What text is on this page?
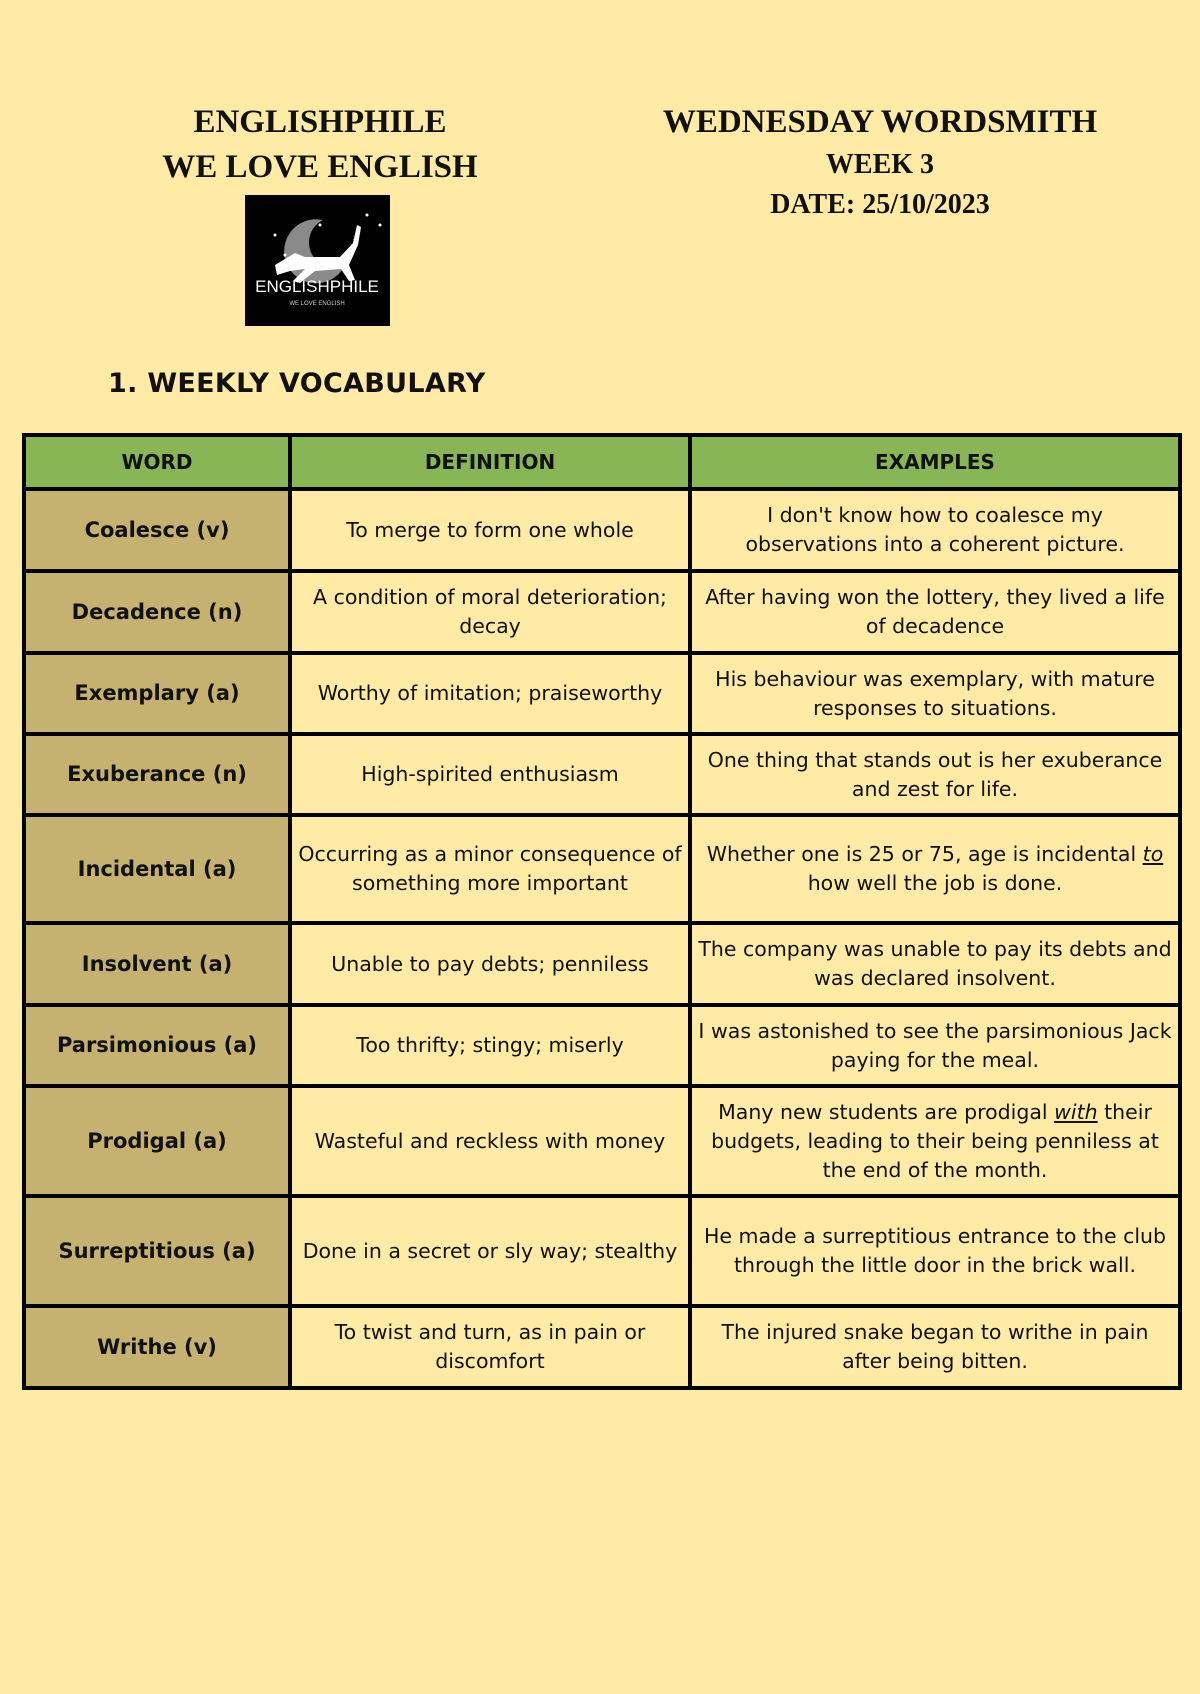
ENGLISHPHILE
WE LOVE ENGLISH
ENGLISHPHILE
WE LOVE ENGLISH
WEDNESDAY WORDSMITH
WEEK 3
DATE: 25/10/2023
1. WEEKLY VOCABULARY
WORD	DEFINITION	EXAMPLES
Coalesce (v)	To merge to form one whole	I don't know how to coalesce my observations into a coherent picture.
Decadence (n)	A condition of moral deterioration; decay	After having won the lottery, they lived a life of decadence
Exemplary (a)	Worthy of imitation; praiseworthy	His behaviour was exemplary, with mature responses to situations.
Exuberance (n)	High-spirited enthusiasm	One thing that stands out is her exuberance and zest for life.
Incidental (a)	Occurring as a minor consequence of something more important	Whether one is 25 or 75, age is incidental to how well the job is done.
Insolvent (a)	Unable to pay debts; penniless	The company was unable to pay its debts and was declared insolvent.
Parsimonious (a)	Too thrifty; stingy; miserly	I was astonished to see the parsimonious Jack paying for the meal.
Prodigal (a)	Wasteful and reckless with money	Many new students are prodigal with their budgets, leading to their being penniless at the end of the month.
Surreptitious (a)	Done in a secret or sly way; stealthy	He made a surreptitious entrance to the club through the little door in the brick wall.
Writhe (v)	To twist and turn, as in pain or discomfort	The injured snake began to writhe in pain after being bitten.
